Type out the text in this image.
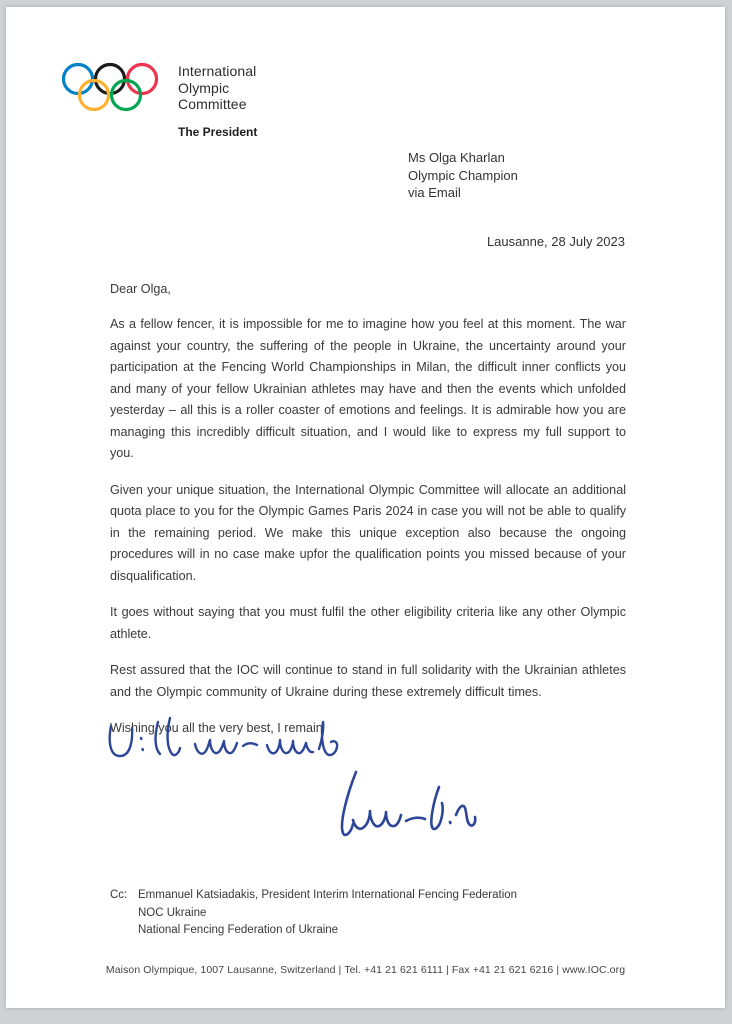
International
Olympic
Committee
The President
Ms Olga Kharlan
Olympic Champion
via Email
Lausanne, 28 July 2023
Dear Olga,

As a fellow fencer, it is impossible for me to imagine how you feel at this moment. The war against your country, the suffering of the people in Ukraine, the uncertainty around your participation at the Fencing World Championships in Milan, the difficult inner conflicts you and many of your fellow Ukrainian athletes may have and then the events which unfolded yesterday – all this is a roller coaster of emotions and feelings. It is admirable how you are managing this incredibly difficult situation, and I would like to express my full support to you.

Given your unique situation, the International Olympic Committee will allocate an additional quota place to you for the Olympic Games Paris 2024 in case you will not be able to qualify in the remaining period. We make this unique exception also because the ongoing procedures will in no case make upfor the qualification points you missed because of your disqualification.

It goes without saying that you must fulfil the other eligibility criteria like any other Olympic athlete.

Rest assured that the IOC will continue to stand in full solidarity with the Ukrainian athletes and the Olympic community of Ukraine during these extremely difficult times.

Wishing you all the very best, I remain
Cc: Emmanuel Katsiadakis, President Interim International Fencing Federation
NOC Ukraine
National Fencing Federation of Ukraine
Maison Olympique, 1007 Lausanne, Switzerland | Tel. +41 21 621 6111 | Fax +41 21 621 6216 | www.IOC.org
